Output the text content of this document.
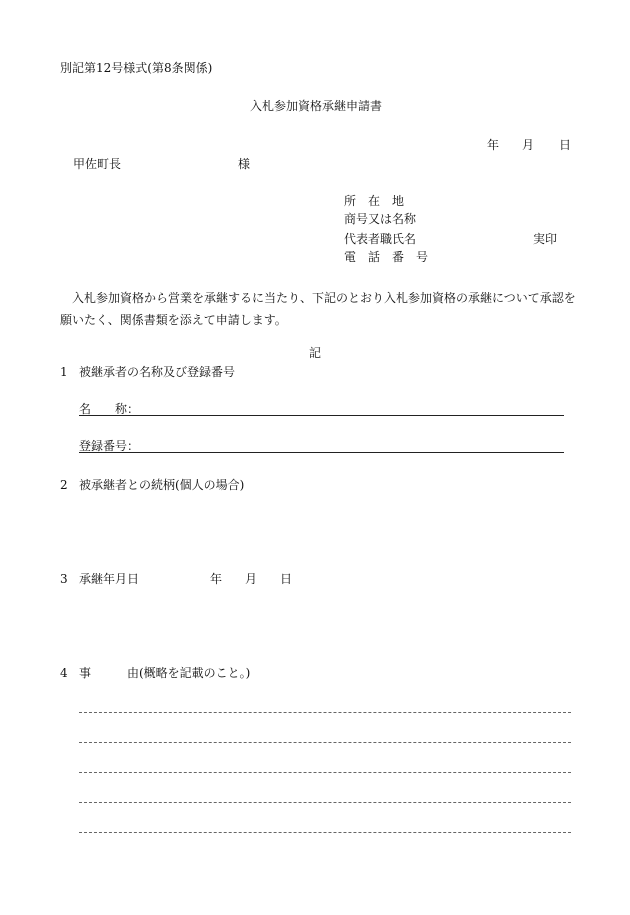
別記第12号様式(第8条関係)
入札参加資格承継申請書
年 月 日
甲佐町長	様
所　在　地
商号又は名称
代表者職氏名	実印
電　話　番　号
入札参加資格から営業を承継するに当たり、下記のとおり入札参加資格の承継について承認を願いたく、関係書類を添えて申請します。
記
1 被継承者の名称及び登録番号
名　　称：
登録番号：
2 被承継者との続柄(個人の場合)
3 承継年月日	年 月 日
4 事	由(概略を記載のこと。)
